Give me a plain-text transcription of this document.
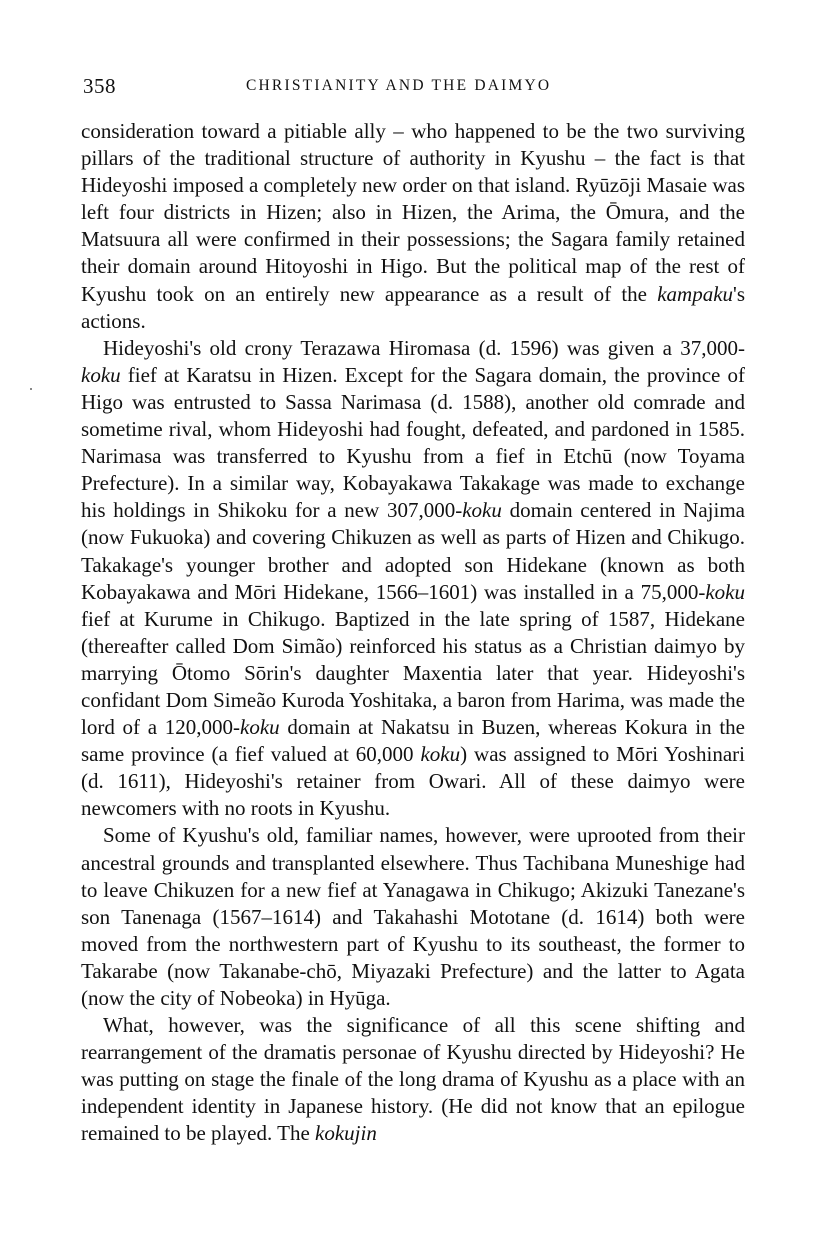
358	CHRISTIANITY AND THE DAIMYO

consideration toward a pitiable ally – who happened to be the two surviving pillars of the traditional structure of authority in Kyushu – the fact is that Hideyoshi imposed a completely new order on that island. Ryūzōji Masaie was left four districts in Hizen; also in Hizen, the Arima, the Ōmura, and the Matsuura all were confirmed in their possessions; the Sagara family retained their domain around Hitoyoshi in Higo. But the political map of the rest of Kyushu took on an entirely new appearance as a result of the kampaku's actions.

Hideyoshi's old crony Terazawa Hiromasa (d. 1596) was given a 37,000-koku fief at Karatsu in Hizen. Except for the Sagara domain, the province of Higo was entrusted to Sassa Narimasa (d. 1588), another old comrade and sometime rival, whom Hideyoshi had fought, defeated, and pardoned in 1585. Narimasa was transferred to Kyushu from a fief in Etchū (now Toyama Prefecture). In a similar way, Kobayakawa Takakage was made to exchange his holdings in Shikoku for a new 307,000-koku domain centered in Najima (now Fukuoka) and covering Chikuzen as well as parts of Hizen and Chikugo. Takakage's younger brother and adopted son Hidekane (known as both Kobayakawa and Mōri Hidekane, 1566–1601) was installed in a 75,000-koku fief at Kurume in Chikugo. Baptized in the late spring of 1587, Hidekane (thereafter called Dom Simão) reinforced his status as a Christian daimyo by marrying Ōtomo Sōrin's daughter Maxentia later that year. Hideyoshi's confidant Dom Simeão Kuroda Yoshitaka, a baron from Harima, was made the lord of a 120,000-koku domain at Nakatsu in Buzen, whereas Kokura in the same province (a fief valued at 60,000 koku) was assigned to Mōri Yoshinari (d. 1611), Hideyoshi's retainer from Owari. All of these daimyo were newcomers with no roots in Kyushu.

Some of Kyushu's old, familiar names, however, were uprooted from their ancestral grounds and transplanted elsewhere. Thus Tachibana Muneshige had to leave Chikuzen for a new fief at Yanagawa in Chikugo; Akizuki Tanezane's son Tanenaga (1567–1614) and Takahashi Mototane (d. 1614) both were moved from the northwestern part of Kyushu to its southeast, the former to Takarabe (now Takanabe-chō, Miyazaki Prefecture) and the latter to Agata (now the city of Nobeoka) in Hyūga.

What, however, was the significance of all this scene shifting and rearrangement of the dramatis personae of Kyushu directed by Hideyoshi? He was putting on stage the finale of the long drama of Kyushu as a place with an independent identity in Japanese history. (He did not know that an epilogue remained to be played. The kokujin
